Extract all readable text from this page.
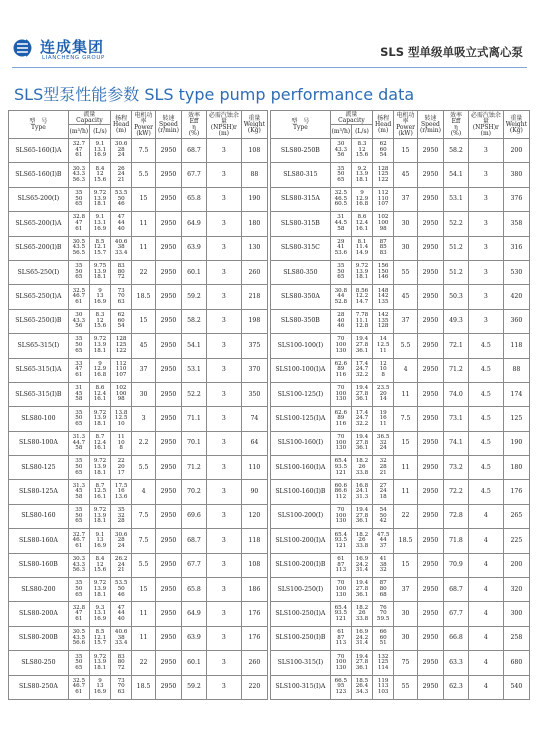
连成集团
LIANCHENG GROUP	SLS 型单级单吸立式离心泵
SLS型泵性能参数 SLS type pump performance data
型　号
Type	流量
Capacity		扬程
Head
(m)	电机功率
Power
(kW)	转速
Speed
(r/min)	效率
Eff
η
(%)	必需汽蚀余量
(NPSH)r
(m)	重量
Weight
(Kg)

	(m³/h)	(L/s)						
SLS65-160(I)A	32.7
47
61	9.1
13.1
16.9	30.6
28
24	7.5	2950	68.7	3	108
SLS65-160(I)B	30.3
43.3
56.3	8.4
12
15.6	26
24
21	5.5	2950	67.7	3	88
SLS65-200(I)	35
50
65	9.72
13.9
18.1	53.5
50
46	15	2950	65.8	3	190
SLS65-200(I)A	32.8
47
61	9.1
13.1
16.9	47
44
40	11	2950	64.9	3	180
SLS65-200(I)B	30.5
43.5
56.5	8.5
12.1
15.7	40.6
38
33.4	11	2950	63.9	3	130
SLS65-250(I)	35
50
65	9.75
13.9
18.1	83
80
72	22	2950	60.1	3	260
SLS65-250(I)A	32.5
46.7
61	9
13
16.9	73
70
63	18.5	2950	59.2	3	218
SLS65-250(I)B	30
43.3
56	8.3
12
15.6	62
60
54	15	2950	58.2	3	198
SLS65-315(I)	35
50
65	9.72
13.9
18.1	128
125
122	45	2950	54.1	3	375
SLS65-315(I)A	33
47
61	9
12.9
16.8	112
110
107	37	2950	53.1	3	370
SLS65-315(I)B	31
45
58	8.6
12.4
16.1	102
100
98	30	2950	52.2	3	350
SLS80-100	35
50
65	9.72
13.9
18.1	13.8
12.5
10	3	2950	71.1	3	74
SLS80-100A	31.3
44.7
58	8.7
12.4
16.1	11
10
8	2.2	2950	70.1	3	64
SLS80-125	35
50
65	9.72
13.9
18.1	22
20
17	5.5	2950	71.2	3	110
SLS80-125A	31.3
45
58	8.7
12.5
16.1	17.5
16
13.6	4	2950	70.2	3	90
SLS80-160	35
50
65	9.72
13.9
18.1	35
32
28	7.5	2950	69.6	3	120
SLS80-160A	32.7
46.7
61	9.1
13
16.9	30.6
28
24	7.5	2950	68.7	3	118
SLS80-160B	30.3
43.3
56.3	8.4
12
15.6	26.2
24
21	5.5	2950	67.7	3	108
SLS80-200	35
50
65	9.72
13.9
18.1	53.5
50
46	15	2950	65.8	3	186
SLS80-200A	32.8
47
61	9.3
13.1
16.9	47
44
40	11	2950	64.9	3	176
SLS80-200B	30.5
43.5
56.6	8.5
12.1
15.7	40.6
38
33.4	11	2950	63.9	3	176
SLS80-250	35
50
65	9.72
13.9
18.1	83
80
72	22	2950	60.1	3	260
SLS80-250A	32.5
46.7
61	9
13
16.9	73
70
63	18.5	2950	59.2	3	220
型　号
Type	流量
Capacity		扬程
Head
(m)	电机功率
Power
(kW)	转速
Speed
(r/min)	效率
Eff
η
(%)	必需汽蚀余量
(NPSH)r
(m)	重量
Weight
(Kg)

	(m³/h)	(L/s)						
SLS80-250B	30
43.3
56	8.3
12
15.6	62
60
54	15	2950	58.2	3	200
SLS80-315	35
50
65	9.2
13.9
18.1	128
125
122	45	2950	54.1	3	380
SLS80-315A	32.5
46.5
60.5	9
12.9
16.8	112
110
107	37	2950	53.1	3	376
SLS80-315B	31
44.5
58	8.6
12.4
16.1	102
100
98	30	2950	52.2	3	358
SLS80-315C	29
41
53.6	8.1
11.4
14.9	87
85
83	30	2950	51.2	3	316
SLS80-350	35
50
65	9.72
13.9
18.1	156
150
146	55	2950	51.2	3	530
SLS80-350A	30.8
44
52.8	8.56
12.2
14.7	148
142
135	45	2950	50.3	3	420
SLS80-350B	28
40
46	7.78
11.1
12.8	142
135
128	37	2950	49.3	3	360
SLS100-100(I)	70
100
130	19.4
27.8
36.1	14
12.5
11	5.5	2950	72.1	4.5	118
SLS100-100(I)A	62.6
89
116	17.4
24.7
32.2	12
10
8	4	2950	71.2	4.5	88
SLS100-125(I)	70
100
130	19.4
27.8
36.1	23.5
20
14	11	2950	74.0	4.5	174
SLS100-125(I)A	62.6
89
116	17.4
24.7
32.2	19
16
11	7.5	2950	73.1	4.5	125
SLS100-160(I)	70
100
130	19.4
27.8
36.1	36.5
32
24	15	2950	74.1	4.5	190
SLS100-160(I)A	65.4
93.5
121	18.2
26
33.8	32
28
21	11	2950	73.2	4.5	180
SLS100-160(I)B	60.6
86.6
112	16.8
24.1
31.3	27
24
18	11	2950	72.2	4.5	176
SLS100-200(I)	70
100
130	19.4
27.8
36.1	54
50
42	22	2950	72.8	4	265
SLS100-200(I)A	65.4
93.5
121	18.2
26
33.8	47.5
44
37	18.5	2950	71.8	4	225
SLS100-200(I)B	61
87
113	16.9
24.2
31.4	41
38
32	15	2950	70.9	4	200
SLS100-250(I)	70
100
130	19.4
27.8
36.1	87
80
68	37	2950	68.7	4	320
SLS100-250(I)A	65.4
93.5
121	18.2
26
33.8	76
70
59.5	30	2950	67.7	4	300
SLS100-250(I)B	61
87
113	16.9
24.2
31.4	66
60
51	30	2950	66.8	4	258
SLS100-315(I)	70
100
130	19.4
27.8
36.1	132
125
114	75	2950	63.3	4	680
SLS100-315(I)A	66.5
95
123	18.5
26.4
34.3	119
113
103	55	2950	62.3	4	540
